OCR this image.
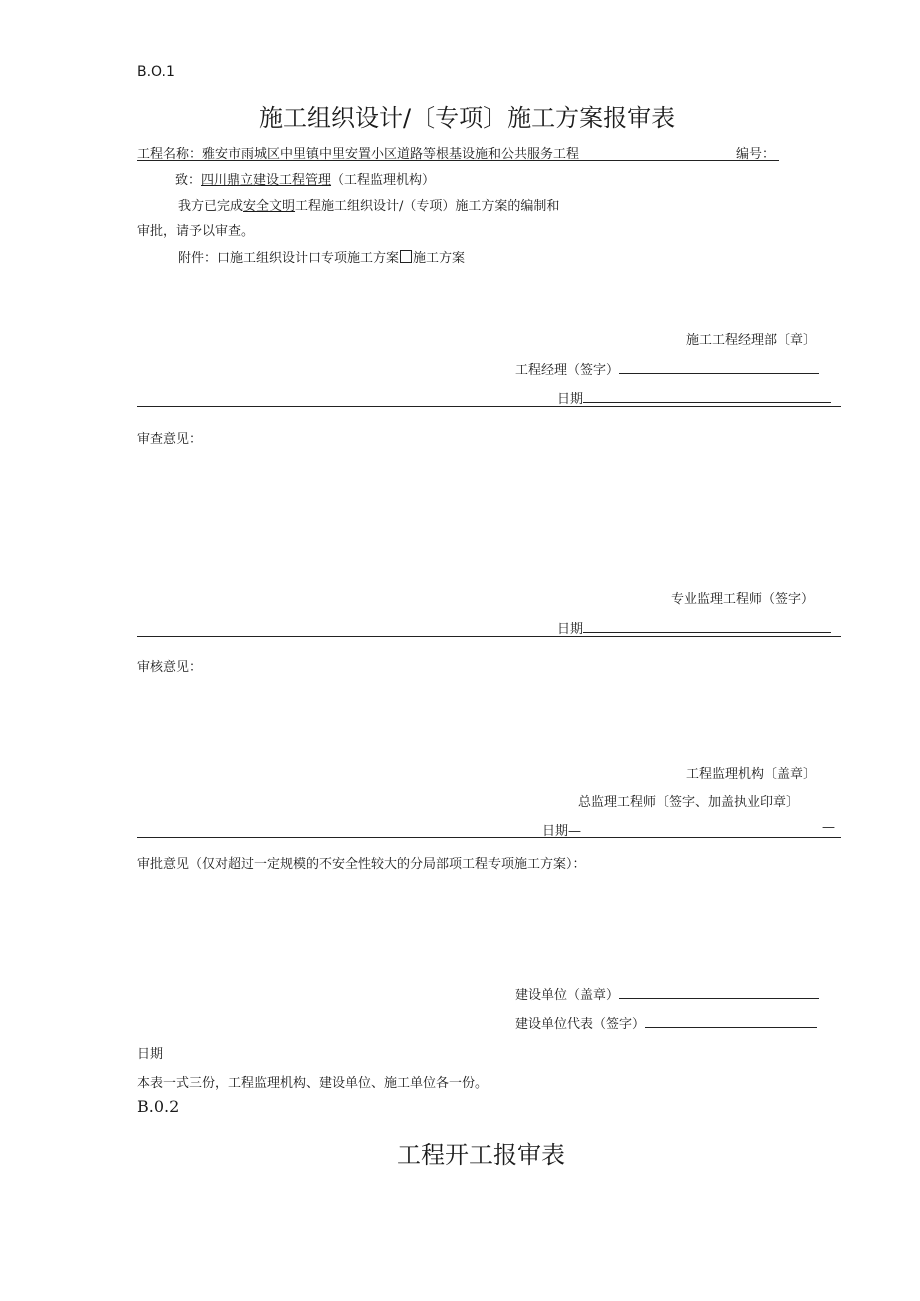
B.O.1
施工组织设计/〔专项〕施工方案报审表
工程名称：雅安市雨城区中里镇中里安置小区道路等根基设施和公共服务工程	编号：
致：四川鼎立建设工程管理（工程监理机构）
我方已完成安全文明工程施工组织设计/（专项）施工方案的编制和
审批，请予以审查。
附件：口施工组织设计口专项施工方案 施工方案
施工工程经理部〔章〕
工程经理（签字）
日期
审查意见：
专业监理工程师（签字）
日期
审核意见：
工程监理机构〔盖章〕
总监理工程师〔签字、加盖执业印章〕
日期—	—
审批意见（仅对超过一定规模的不安全性较大的分局部项工程专项施工方案）：
建设单位（盖章）
建设单位代表（签字）
日期
本表一式三份，工程监理机构、建设单位、施工单位各一份。
B.0.2
工程开工报审表
